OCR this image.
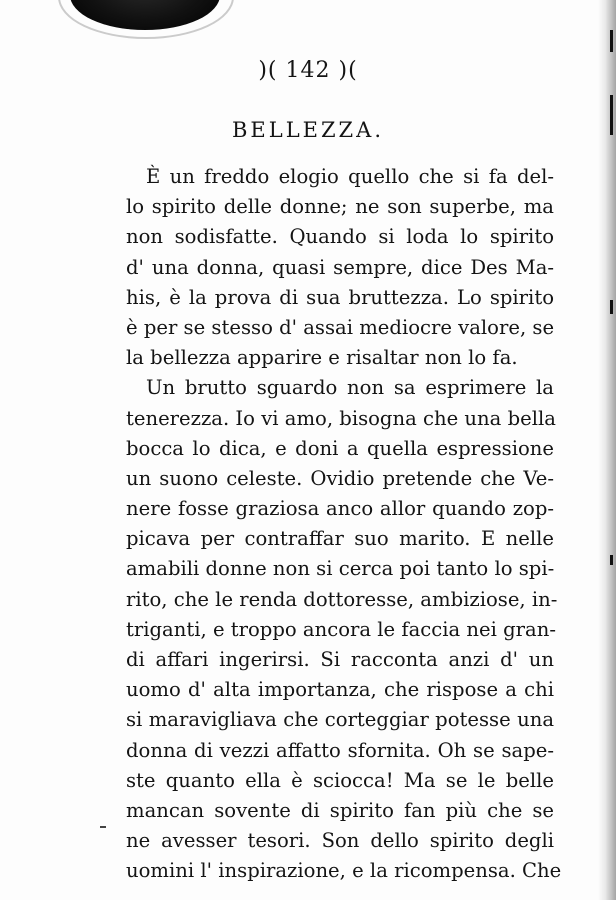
)( 142 )(
BELLEZZA.
È un freddo elogio quello che si fa del-
lo spirito delle donne; ne son superbe, ma
non sodisfatte. Quando si loda lo spirito
d' una donna, quasi sempre, dice Des Ma-
his, è la prova di sua bruttezza. Lo spirito
è per se stesso d' assai mediocre valore, se
la bellezza apparire e risaltar non lo fa.
Un brutto sguardo non sa esprimere la
tenerezza. Io vi amo, bisogna che una bella
bocca lo dica, e doni a quella espressione
un suono celeste. Ovidio pretende che Ve-
nere fosse graziosa anco allor quando zop-
picava per contraffar suo marito. E nelle
amabili donne non si cerca poi tanto lo spi-
rito, che le renda dottoresse, ambiziose, in-
triganti, e troppo ancora le faccia nei gran-
di affari ingerirsi. Si racconta anzi d' un
uomo d' alta importanza, che rispose a chi
si maravigliava che corteggiar potesse una
donna di vezzi affatto sfornita. Oh se sape-
ste quanto ella è sciocca! Ma se le belle
mancan sovente di spirito fan più che se
ne avesser tesori. Son dello spirito degli
uomini l' inspirazione, e la ricompensa. Che
